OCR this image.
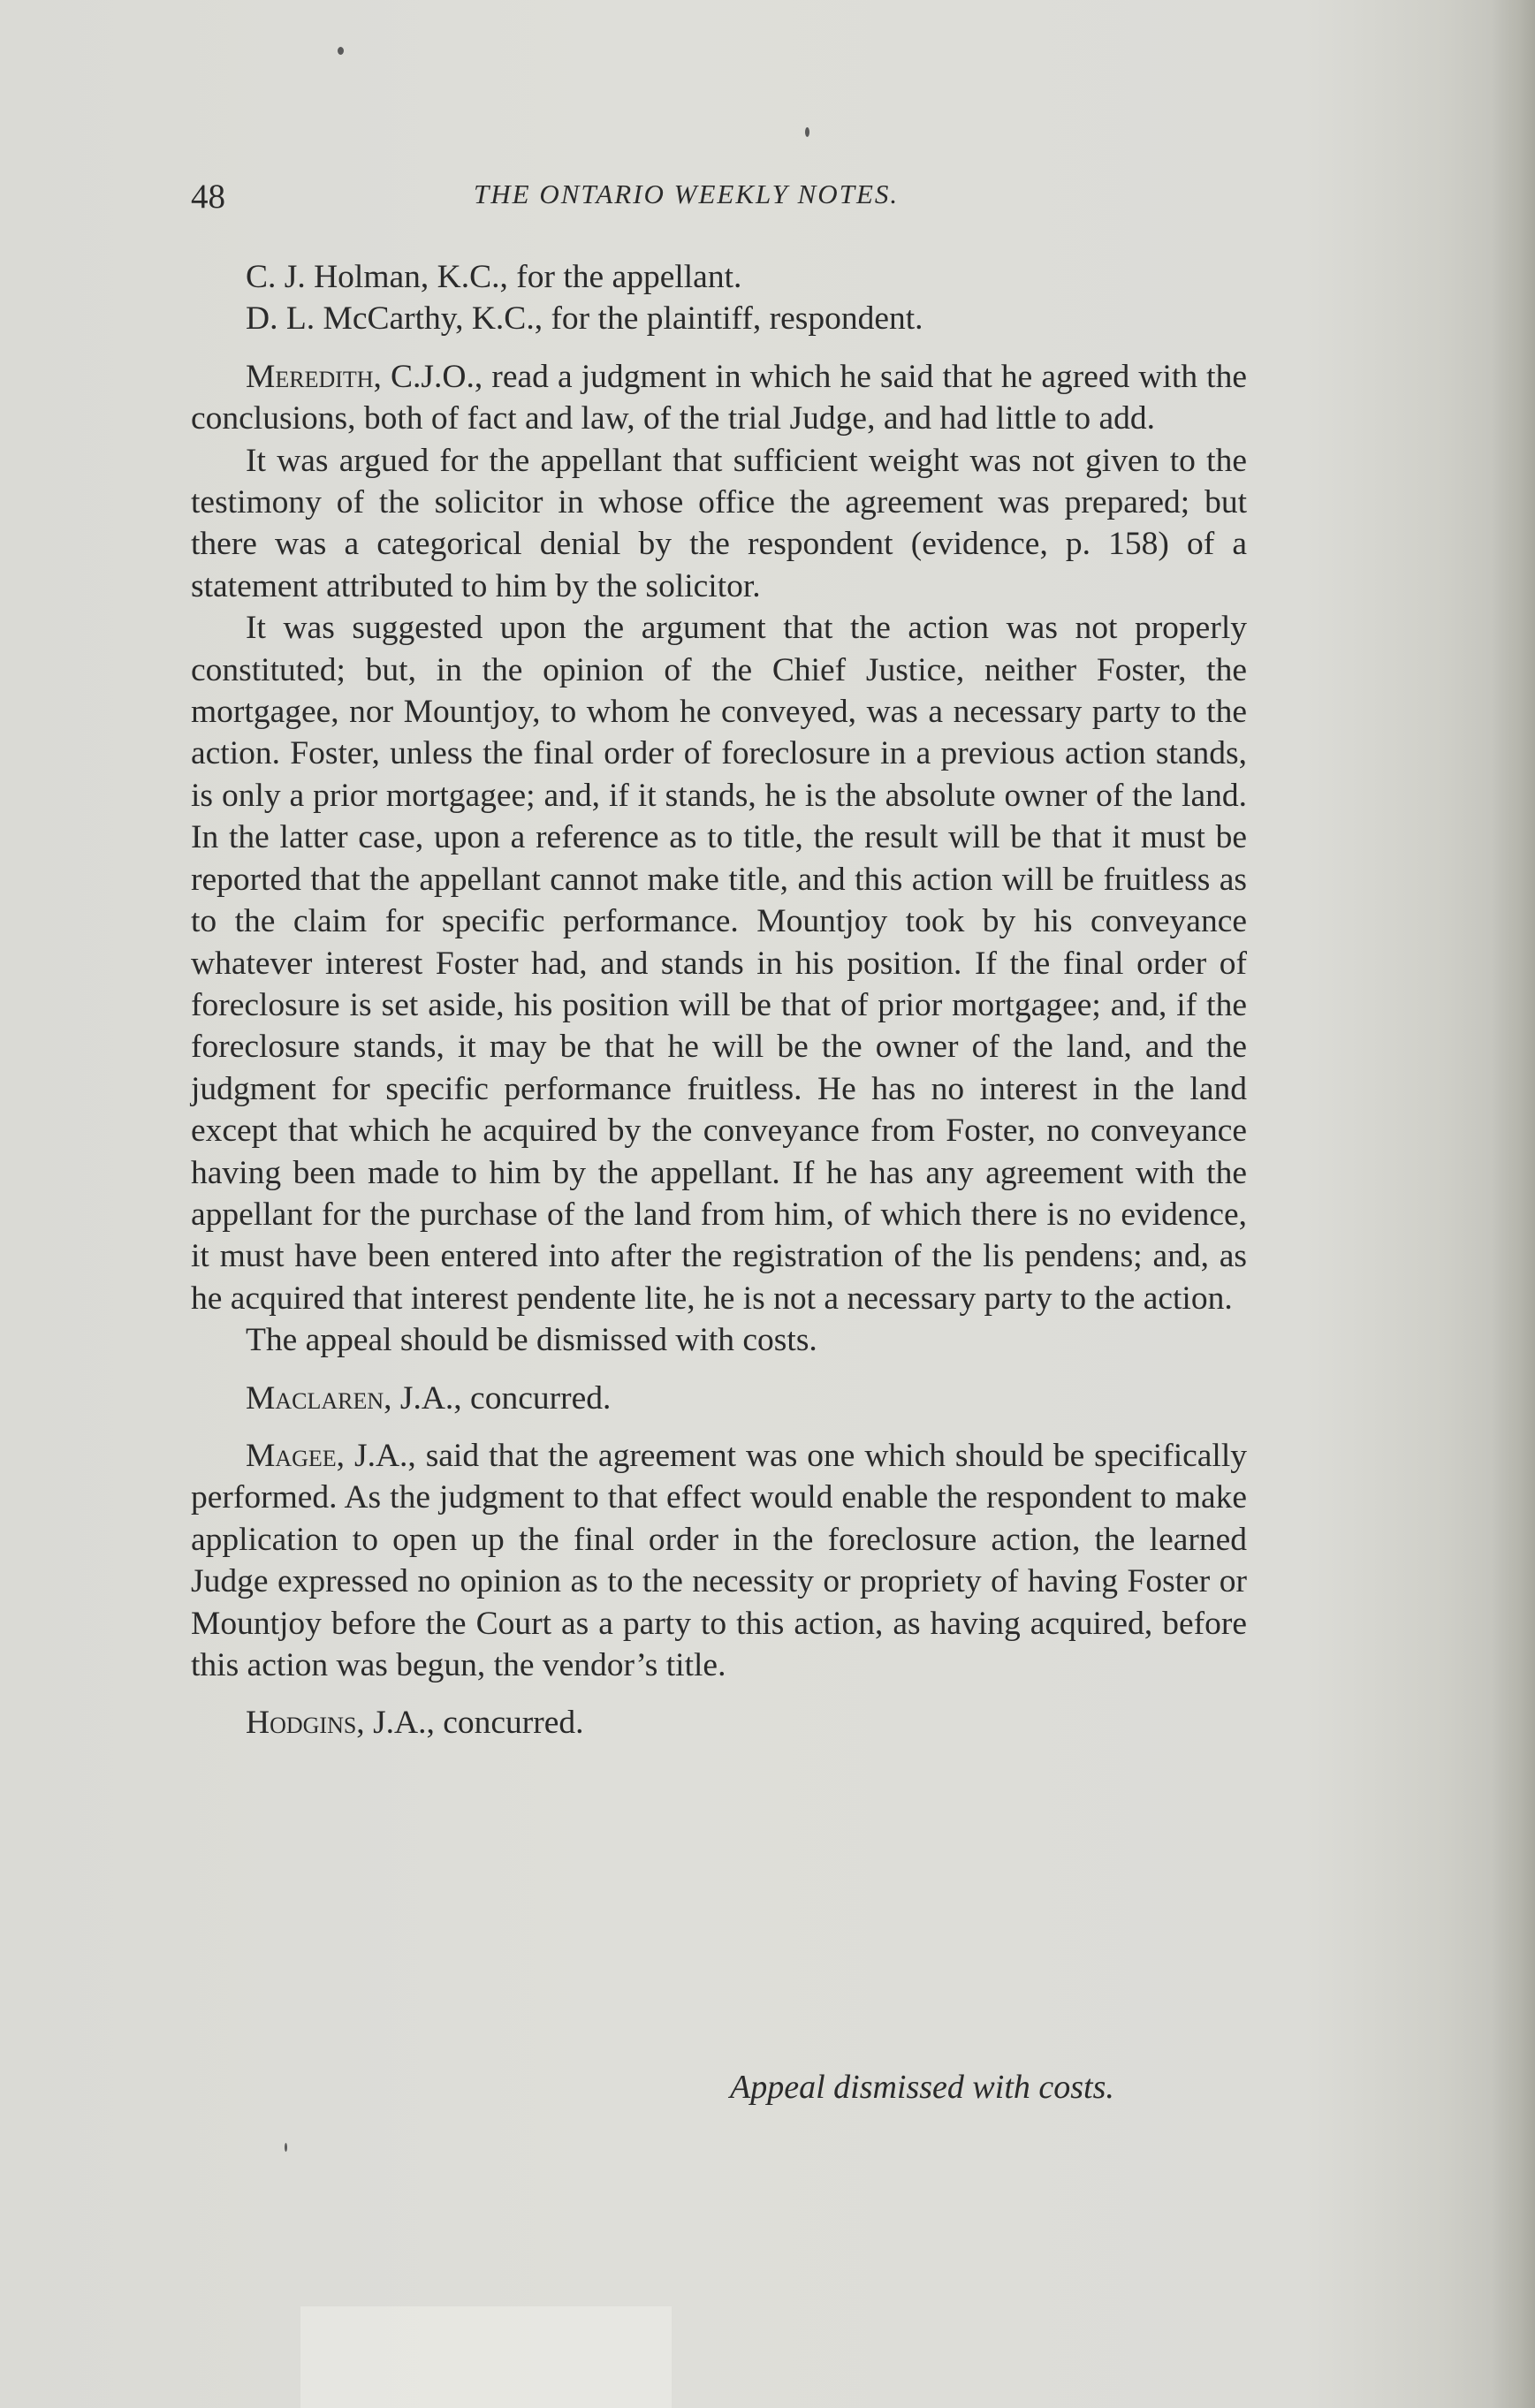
48	THE ONTARIO WEEKLY NOTES.

C. J. Holman, K.C., for the appellant.

D. L. McCarthy, K.C., for the plaintiff, respondent.

Meredith, C.J.O., read a judgment in which he said that he agreed with the conclusions, both of fact and law, of the trial Judge, and had little to add.

It was argued for the appellant that sufficient weight was not given to the testimony of the solicitor in whose office the agreement was prepared; but there was a categorical denial by the respondent (evidence, p. 158) of a statement attributed to him by the solicitor.

It was suggested upon the argument that the action was not properly constituted; but, in the opinion of the Chief Justice, neither Foster, the mortgagee, nor Mountjoy, to whom he conveyed, was a necessary party to the action. Foster, unless the final order of foreclosure in a previous action stands, is only a prior mortgagee; and, if it stands, he is the absolute owner of the land. In the latter case, upon a reference as to title, the result will be that it must be reported that the appellant cannot make title, and this action will be fruitless as to the claim for specific performance. Mountjoy took by his conveyance whatever interest Foster had, and stands in his position. If the final order of foreclosure is set aside, his position will be that of prior mortgagee; and, if the foreclosure stands, it may be that he will be the owner of the land, and the judgment for specific performance fruitless. He has no interest in the land except that which he acquired by the conveyance from Foster, no conveyance having been made to him by the appellant. If he has any agreement with the appellant for the purchase of the land from him, of which there is no evidence, it must have been entered into after the registration of the lis pendens; and, as he acquired that interest pendente lite, he is not a necessary party to the action.

The appeal should be dismissed with costs.

Maclaren, J.A., concurred.

Magee, J.A., said that the agreement was one which should be specifically performed. As the judgment to that effect would enable the respondent to make application to open up the final order in the foreclosure action, the learned Judge expressed no opinion as to the necessity or propriety of having Foster or Mountjoy before the Court as a party to this action, as having acquired, before this action was begun, the vendor’s title.

Hodgins, J.A., concurred.

Appeal dismissed with costs.
